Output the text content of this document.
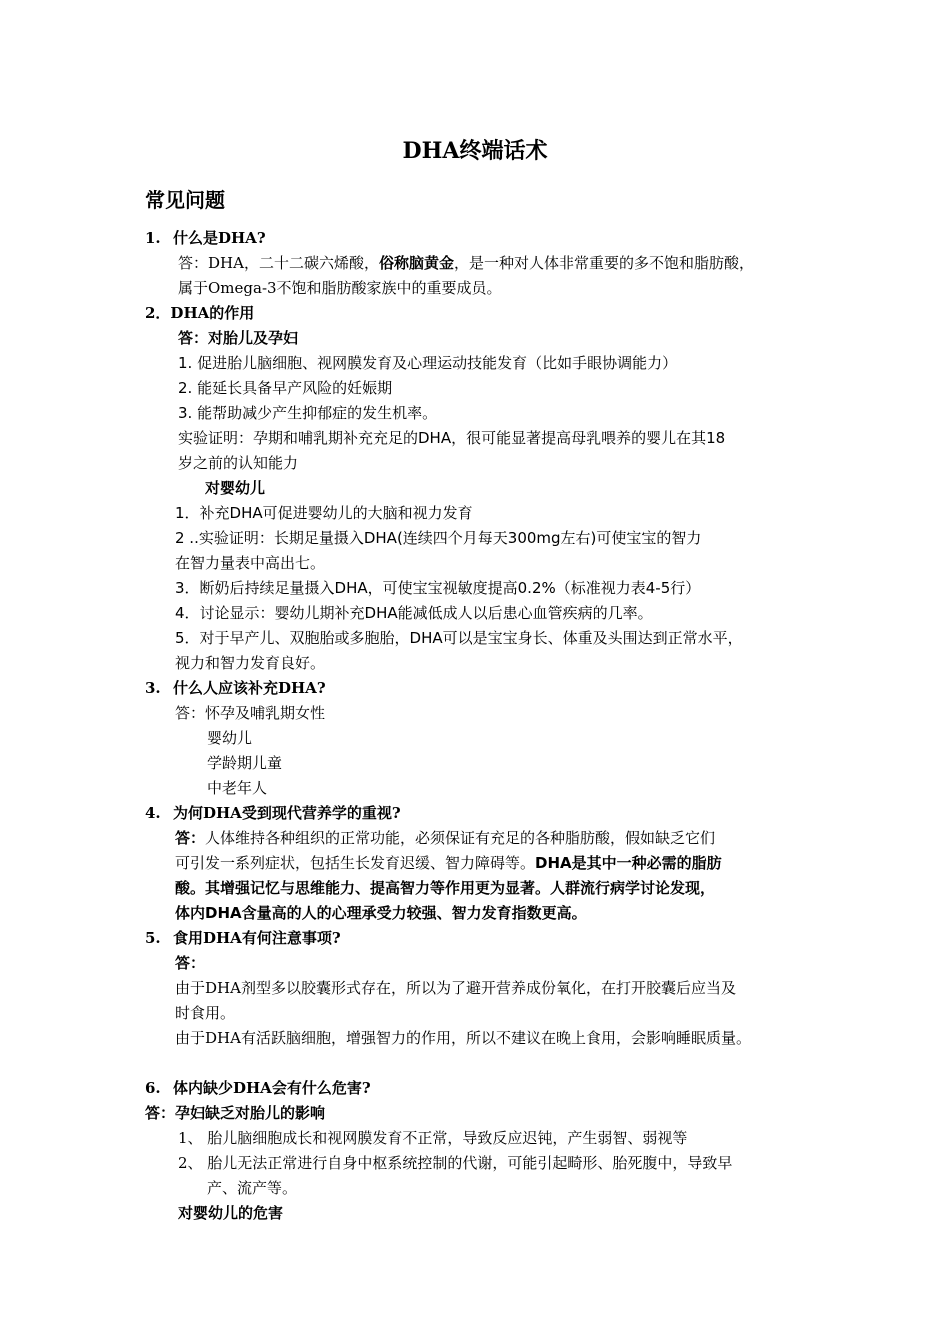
DHA终端话术
常见问题
1. 什么是DHA?
答：DHA，二十二碳六烯酸，俗称脑黄金，是一种对人体非常重要的多不饱和脂肪酸，
属于Omega-3不饱和脂肪酸家族中的重要成员。
2．DHA的作用
答：对胎儿及孕妇
1. 促进胎儿脑细胞、视网膜发育及心理运动技能发育（比如手眼协调能力）
2. 能延长具备早产风险的妊娠期
3. 能帮助减少产生抑郁症的发生机率。
实验证明：孕期和哺乳期补充充足的DHA，很可能显著提高母乳喂养的婴儿在其18
岁之前的认知能力
对婴幼儿
1．补充DHA可促进婴幼儿的大脑和视力发育
2 ..实验证明：长期足量摄入DHA(连续四个月每天300mg左右)可使宝宝的智力
在智力量表中高出七。
3．断奶后持续足量摄入DHA，可使宝宝视敏度提高0.2%（标准视力表4-5行）
4．讨论显示：婴幼儿期补充DHA能减低成人以后患心血管疾病的几率。
5．对于早产儿、双胞胎或多胞胎，DHA可以是宝宝身长、体重及头围达到正常水平，
视力和智力发育良好。
3. 什么人应该补充DHA?
答：怀孕及哺乳期女性
婴幼儿
学龄期儿童
中老年人
4. 为何DHA受到现代营养学的重视?
答：人体维持各种组织的正常功能，必须保证有充足的各种脂肪酸，假如缺乏它们
可引发一系列症状，包括生长发育迟缓、智力障碍等。DHA是其中一种必需的脂肪
酸。其增强记忆与思维能力、提高智力等作用更为显著。人群流行病学讨论发现，
体内DHA含量高的人的心理承受力较强、智力发育指数更高。
5. 食用DHA有何注意事项?
答：
由于DHA剂型多以胶囊形式存在，所以为了避开营养成份氧化，在打开胶囊后应当及
时食用。
由于DHA有活跃脑细胞，增强智力的作用，所以不建议在晚上食用，会影响睡眠质量。
6. 体内缺少DHA会有什么危害?
答：孕妇缺乏对胎儿的影响
1、 胎儿脑细胞成长和视网膜发育不正常，导致反应迟钝，产生弱智、弱视等
2、 胎儿无法正常进行自身中枢系统控制的代谢，可能引起畸形、胎死腹中，导致早
产、流产等。
对婴幼儿的危害
